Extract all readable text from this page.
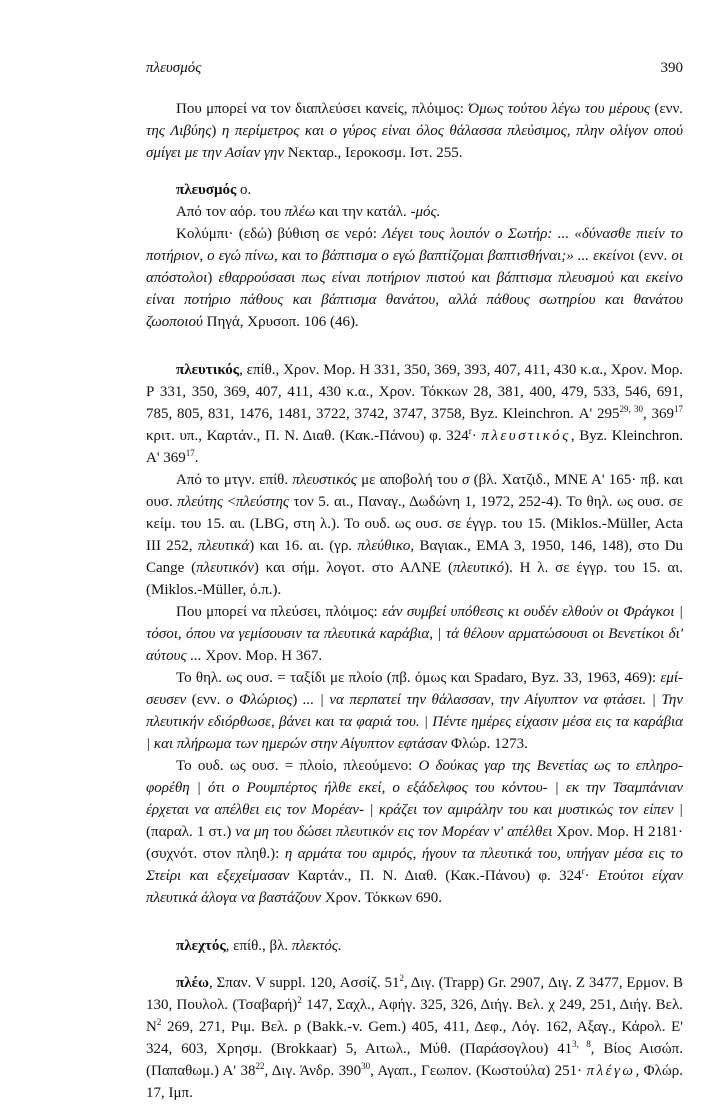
πλευσμός	390

Που μπορεί να τον διαπλεύσει κανείς, πλόιμος: Όμως τούτου λέγω του μέρους (ενν. της Λιβύης) η περίμετρος και ο γύρος είναι όλος θάλασσα πλεύσιμος, πλην ολίγον οπού σμίγει με την Ασίαν γην Νεκταρ., Ιεροκοσμ. Ιστ. 255.

πλευσμός ο.

Από τον αόρ. του πλέω και την κατάλ. -μός.

Κολύμπι· (εδώ) βύθιση σε νερό: Λέγει τους λοιπόν ο Σωτήρ: ... «δύνασθε πιείν το ποτήριον, ο εγώ πίνω, και το βάπτισμα ο εγώ βαπτίζομαι βαπτισθήναι;» ... εκείνοι (ενν. οι απόστολοι) εθαρρούσασι πως είναι ποτήριον πιστού και βάπτισμα πλευσμού και εκείνο είναι ποτήριο πάθους και βάπτισμα θανάτου, αλλά πάθους σωτηρίου και θανάτου ζωοποιού Πηγά, Χρυσοπ. 106 (46).

πλευτικός, επίθ., Χρον. Μορ. Η 331, 350, 369, 393, 407, 411, 430 κ.α., Χρον. Μορ. Ρ 331, 350, 369, 407, 411, 430 κ.α., Χρον. Τόκκων 28, 381, 400, 479, 533, 546, 691, 785, 805, 831, 1476, 1481, 3722, 3742, 3747, 3758, Byz. Kleinchron. Α' 295$^{29, 30}$, $369^{17}$ κριτ. υπ., Καρτάν., Π. Ν. Διαθ. (Κακ.-Πάνου) φ. $324^r\cdot \pi\lambda\varepsilon\upsilon\sigma\tau\iota\kappa ό\varsigma$, Byz. Kleinchron. Α' $369^{17}$.

Από το μτγν. επίθ. πλευστικός με αποβολή του σ (βλ. Χατζιδ., ΜΝΕ Α' 165· πβ. και ουσ. πλεύτης <πλεύστης τον 5. αι., Παναγ., Δωδώνη 1, 1972, 252-4). Το θηλ. ως ουσ. σε κείμ. του 15. αι. (LBG, στη λ.). Το ουδ. ως ουσ. σε έγγρ. του 15. (Miklos.-Müller, Acta III 252, πλευτικά) και 16. αι. (γρ. πλεύθικο, Βαγιακ., ΕΜΑ 3, 1950, 146, 148), στο Du Cange (πλευτικόν) και σήμ. λογοτ. στο ΑΛΝΕ (πλευτικό). Η λ. σε έγγρ. του 15. αι. (Miklos.-Müller, ό.π.).

Που μπορεί να πλεύσει, πλόιμος: εάν συμβεί υπόθεσις κι ουδέν ελθούν οι Φράγκοι | τόσοι, όπου να γεμίσουσιν τα πλευτικά καράβια, | τά θέλουν αρματώσουσι οι Βενετίκοι δι' αύτους ... Χρον. Μορ. Η 367.

Το θηλ. ως ουσ. = ταξίδι με πλοίο (πβ. όμως και Spadaro, Byz. 33, 1963, 469): εμίσευσεν (ενν. ο Φλώριος) ... | να περπατεί την θάλασσαν, την Αίγυπτον να φτάσει. | Την πλευτικήν εδιόρθωσε, βάνει και τα φαριά του. | Πέντε ημέρες είχασιν μέσα εις τα καράβια | και πλήρωμα των ημερών στην Αίγυπτον εφτάσαν Φλώρ. 1273.

Το ουδ. ως ουσ. = πλοίο, πλεούμενο: Ο δούκας γαρ της Βενετίας ως το επληροφορέθη | ότι ο Ρουμπέρτος ήλθε εκεί, ο εξάδελφος του κόντου- | εκ την Τσαμπάνιαν έρχεται να απέλθει εις τον Μορέαν- | κράζει τον αμιράλην του και μυστικώς τον είπεν | (παραλ. 1 στ.) να μη του δώσει πλευτικόν εις τον Μορέαν ν' απέλθει Χρον. Μορ. Η 2181· (συχνότ. στον πληθ.): η αρμάτα του αμιρός, ήγουν τα πλευτικά του, υπήγαν μέσα εις το Στείρι και εξεχείμασαν Καρτάν., Π. Ν. Διαθ. (Κακ.-Πάνου) φ. $324^r\cdot E\tau oύ\tau o\iota$ είχαν πλευτικά άλογα να βαστάζουν Χρον. Τόκκων 690.

πλεχτός, επίθ., βλ. πλεκτός.

πλέω, Σπαν. V suppl. 120, Ασσίζ. $51^2$, Διγ. (Trapp) Gr. 2907, Διγ. Ζ 3477, Ερμον. Β 130, Πουλολ. $(T\sigma\alpha\beta\alpha\rho ή)^2$ 147, Σαχλ., Αφήγ. 325, 326, Διήγ. Βελ. χ 249, 251, Διήγ. Βελ. $N^2$ 269, 271, Ριμ. Βελ. ρ (Bakk.-v. Gem.) 405, 411, Δεφ., Λόγ. 162, Αξαγ., Κάρολ. Ε' 324, 603, Χρησμ. (Brokkaar) 5, Αιτωλ., Μύθ. (Παράσογλου) 41$^{3, 8}$, Βίος Αισώπ. (Παπαθωμ.) Α' $38^{22}$, Διγ. Άνδρ. $390^{30}$, Αγαπ., Γεωπον. (Κωστούλα) 251· πλέγω, Φλώρ. 17, Ιμπ.
